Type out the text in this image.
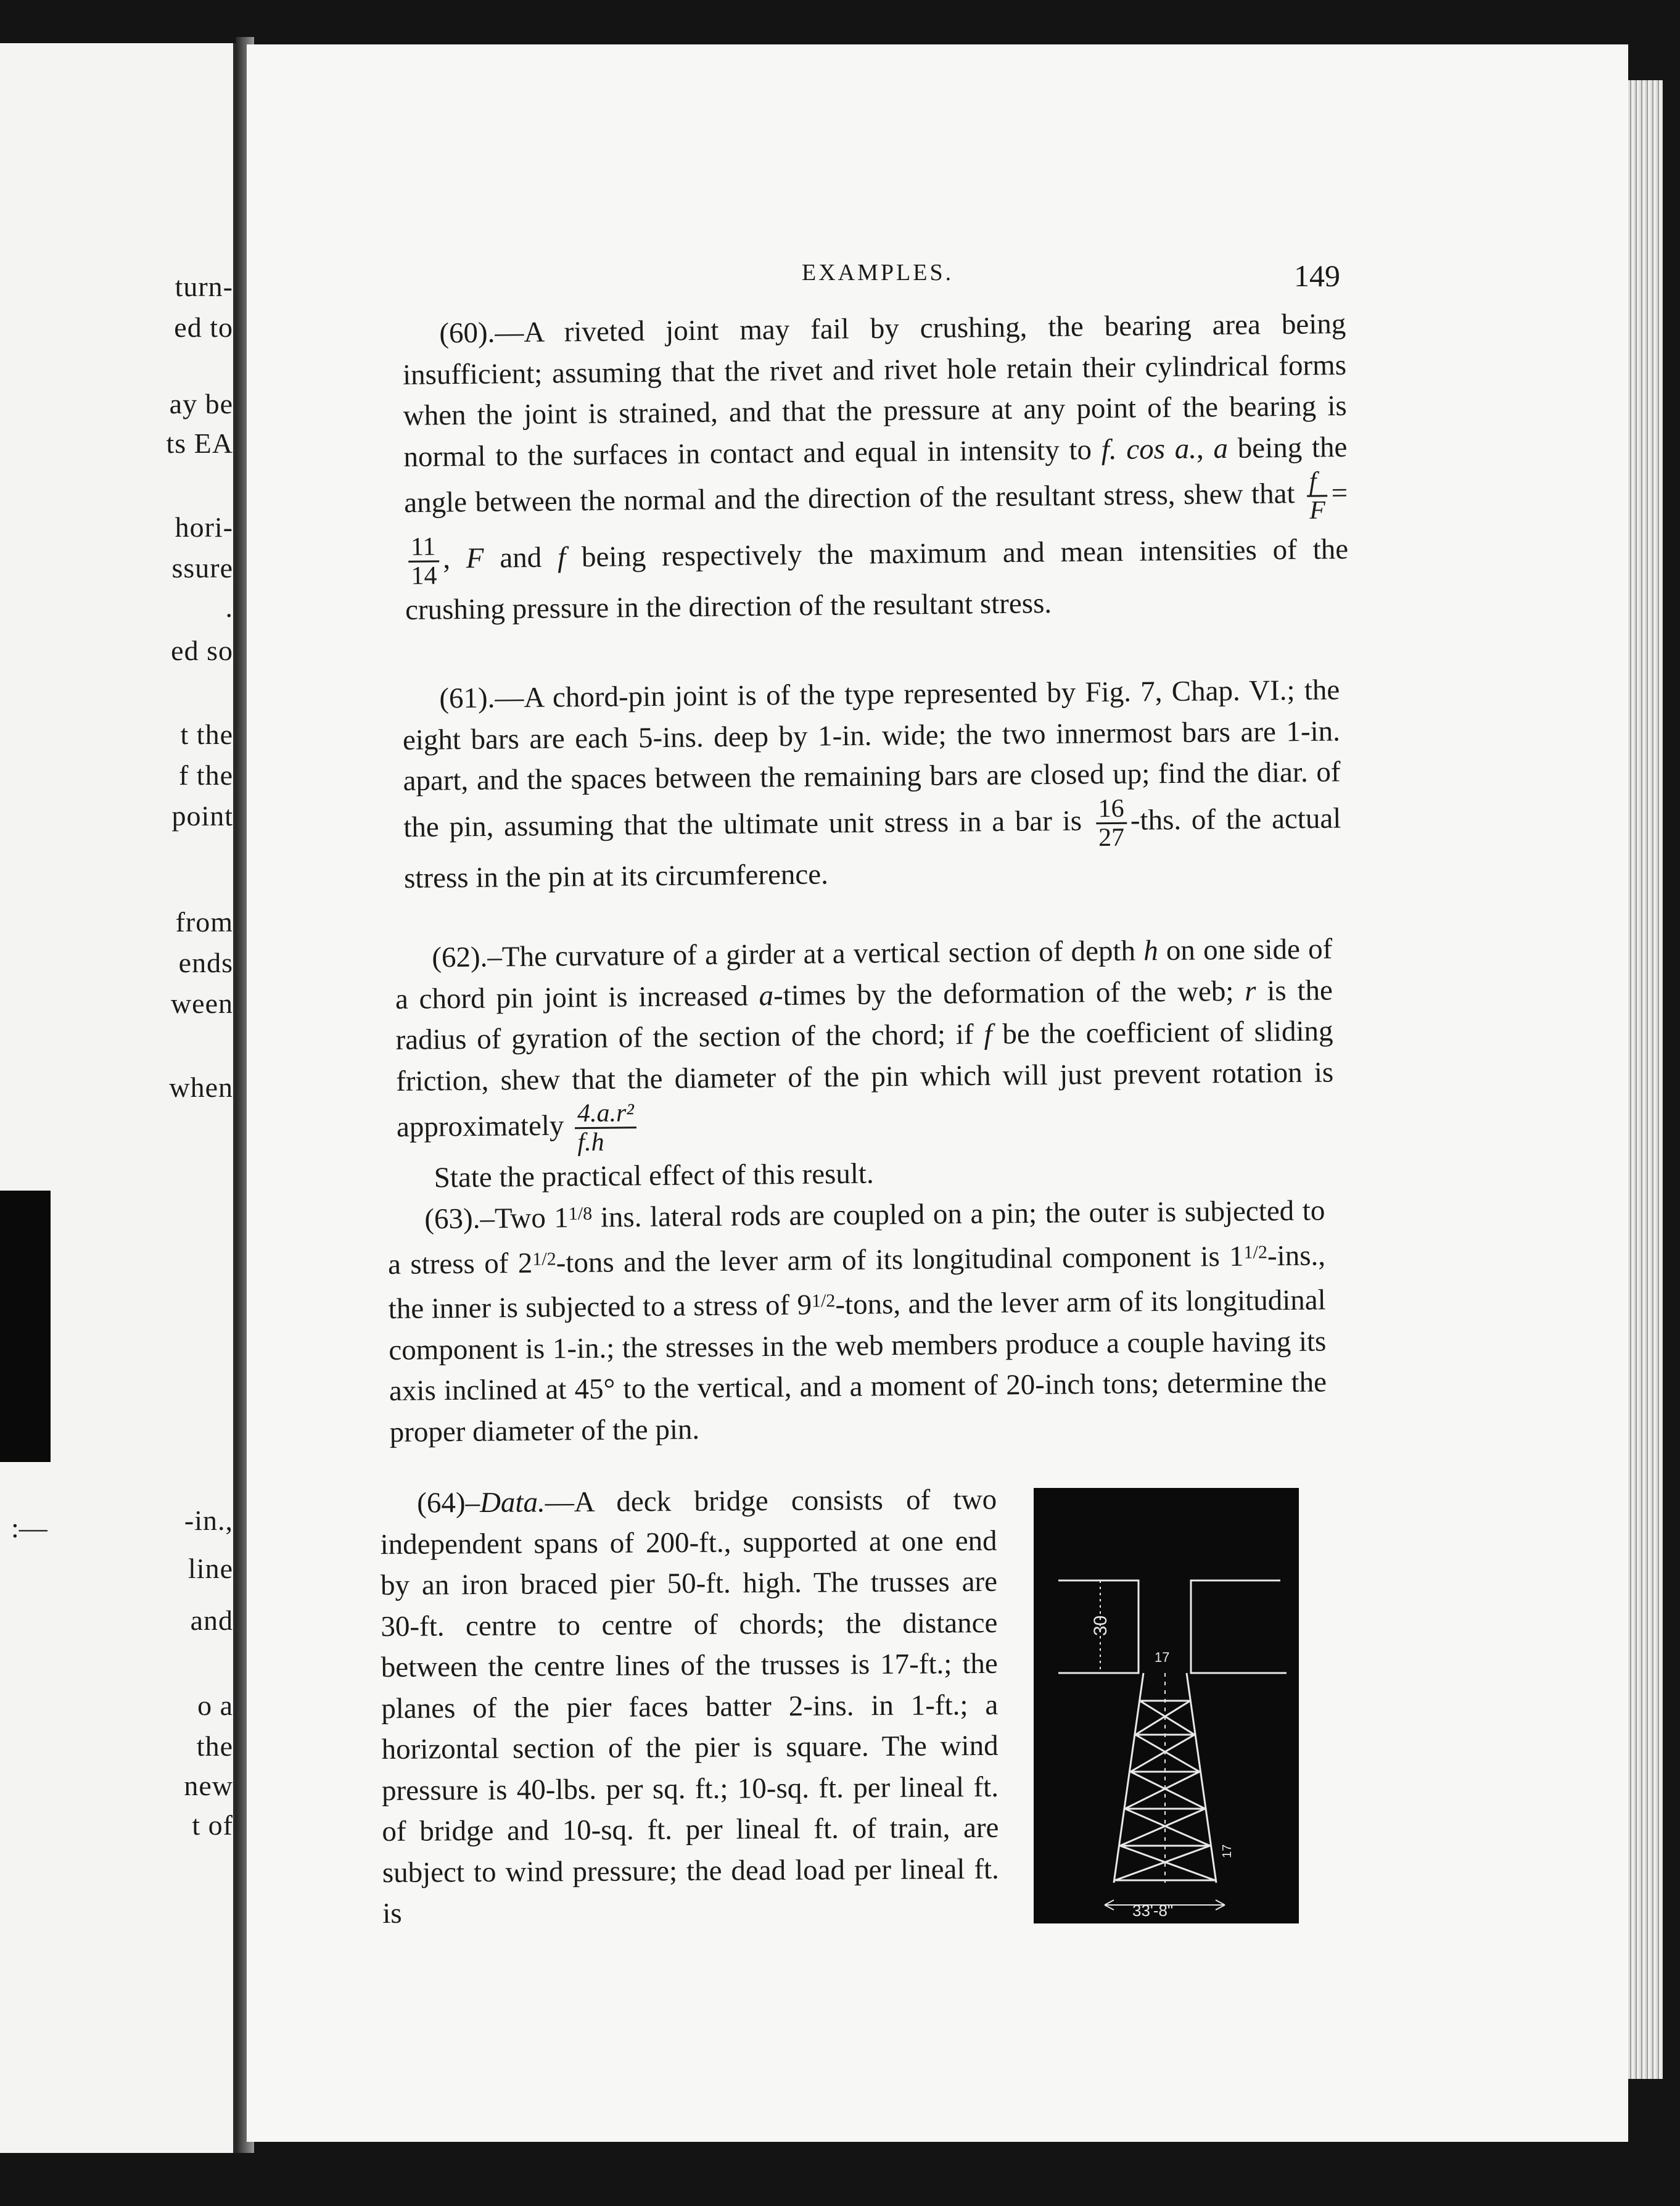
:—
turn-
ed to
ay be
ts EA
hori-
ssure
.
ed so
t the
f the
point
from
ends
ween
when
-in.,
line
and
o a
the
new
t of
EXAMPLES.	149

(60).—A riveted joint may fail by crushing, the bearing area being insufficient; assuming that the rivet and rivet hole retain their cylindrical forms when the joint is strained, and that the pressure at any point of the bearing is normal to the surfaces in contact and equal in intensity to f. cos a., a being the angle between the normal and the direction of the resultant stress, shew that $\frac{f}{F}$ =
$\frac{11}{14}$ , F and f being respectively the maximum and mean intensities of the crushing pressure in the direction of the resultant stress.

(61).—A chord-pin joint is of the type represented by Fig. 7, Chap. VI.; the eight bars are each 5-ins. deep by 1-in. wide; the two innermost bars are 1-in. apart, and the spaces between the remaining bars are closed up; find the diar. of the pin, assuming that the ultimate unit stress in a bar is $\frac{16}{27} -ths$. of the actual stress in the pin at its circumference.

(62).–The curvature of a girder at a vertical section of depth h on one side of a chord pin joint is increased a-times by the deformation of the web; r is the radius of gyration of the section of the chord; if f be the coefficient of sliding friction, shew that the diameter of the pin which will just prevent rotation is approximately $\frac{\text{4.a.r²}}{f.h}$

State the practical effect of this result.

(63).–Two $1^{1/8}$ ins. lateral rods are coupled on a pin; the outer is subjected to a stress of $2^{1/2}$-tons and the lever arm of its longitudinal component is $1^{1/2}$-ins., the inner is subjected to a stress of $9^{1/2}$-tons, and the lever arm of its longitudinal component is 1-in.; the stresses in the web members produce a couple having its axis inclined at 45° to the vertical, and a moment of 20-inch tons; determine the proper diameter of the pin.

(64)–Data.—A deck bridge consists of two independent spans of 200-ft., supported at one end by an iron braced pier 50-ft. high. The trusses are 30-ft. centre to centre of chords; the distance between the centre lines of the trusses is 17-ft.; the planes of the pier faces batter 2-ins. in 1-ft.; a horizontal section of the pier is square. The wind pressure is 40-lbs. per sq. ft.; 10-sq. ft. per lineal ft. of bridge and 10-sq. ft. per lineal ft. of train, are subject to wind pressure; the dead load per lineal ft. is

30
17
17
33'-8"
